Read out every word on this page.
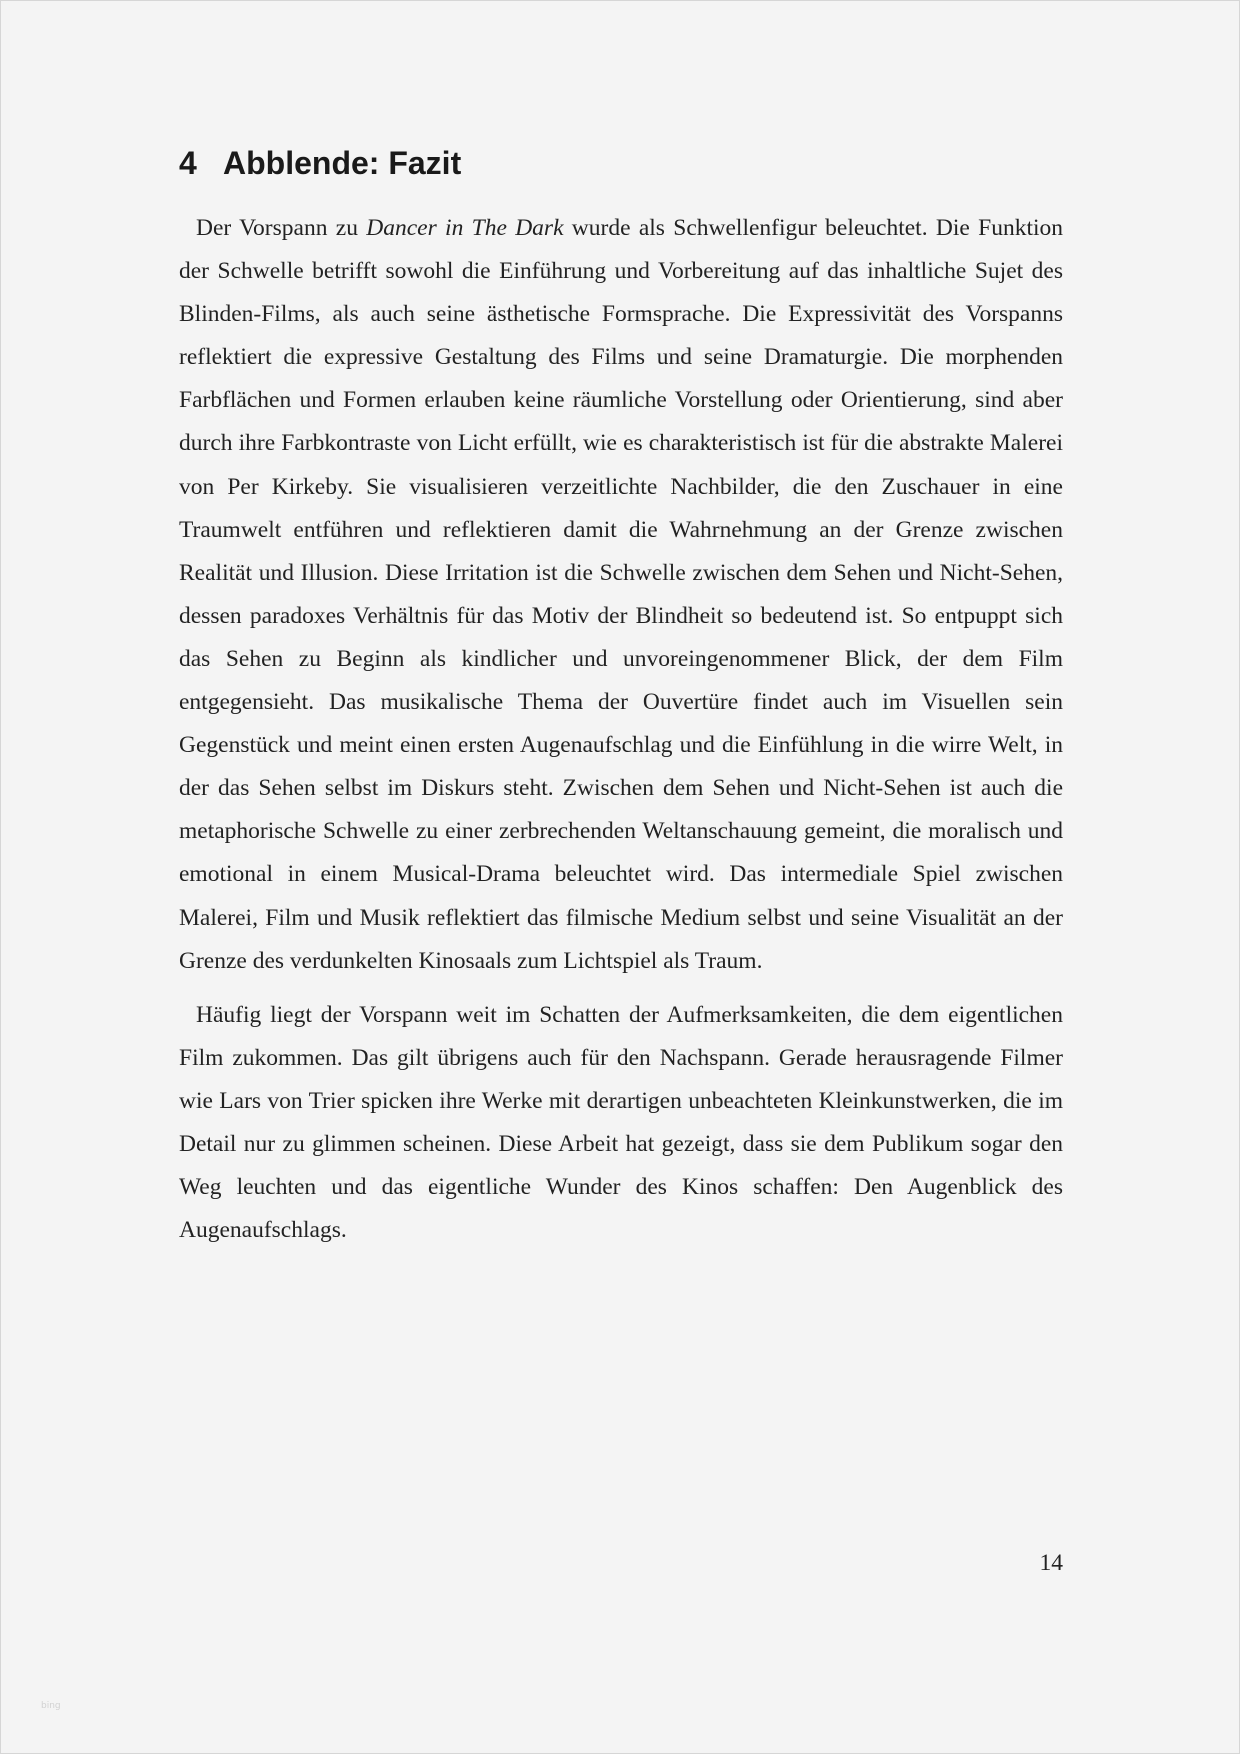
4 Abblende: Fazit

Der Vorspann zu Dancer in The Dark wurde als Schwellenfigur beleuchtet. Die Funktion der Schwelle betrifft sowohl die Einführung und Vorbereitung auf das inhaltliche Sujet des Blinden-Films, als auch seine ästhetische Formsprache. Die Expressivität des Vorspanns reflektiert die expressive Gestaltung des Films und seine Dramaturgie. Die morphenden Farbflächen und Formen erlauben keine räumliche Vorstellung oder Orientierung, sind aber durch ihre Farbkontraste von Licht erfüllt, wie es charakteristisch ist für die abstrakte Malerei von Per Kirkeby. Sie visualisieren verzeitlichte Nachbilder, die den Zuschauer in eine Traumwelt entführen und reflektieren damit die Wahrnehmung an der Grenze zwischen Realität und Illusion. Diese Irritation ist die Schwelle zwischen dem Sehen und Nicht-Sehen, dessen paradoxes Verhältnis für das Motiv der Blindheit so bedeutend ist. So entpuppt sich das Sehen zu Beginn als kindlicher und unvoreingenommener Blick, der dem Film entgegensieht. Das musikalische Thema der Ouvertüre findet auch im Visuellen sein Gegenstück und meint einen ersten Augenaufschlag und die Einfühlung in die wirre Welt, in der das Sehen selbst im Diskurs steht. Zwischen dem Sehen und Nicht-Sehen ist auch die metaphorische Schwelle zu einer zerbrechenden Weltanschauung gemeint, die moralisch und emotional in einem Musical-Drama beleuchtet wird. Das intermediale Spiel zwischen Malerei, Film und Musik reflektiert das filmische Medium selbst und seine Visualität an der Grenze des verdunkelten Kinosaals zum Lichtspiel als Traum.

Häufig liegt der Vorspann weit im Schatten der Aufmerksamkeiten, die dem eigentlichen Film zukommen. Das gilt übrigens auch für den Nachspann. Gerade herausragende Filmer wie Lars von Trier spicken ihre Werke mit derartigen unbeachteten Kleinkunstwerken, die im Detail nur zu glimmen scheinen. Diese Arbeit hat gezeigt, dass sie dem Publikum sogar den Weg leuchten und das eigentliche Wunder des Kinos schaffen: Den Augenblick des Augenaufschlags.

14
bing
